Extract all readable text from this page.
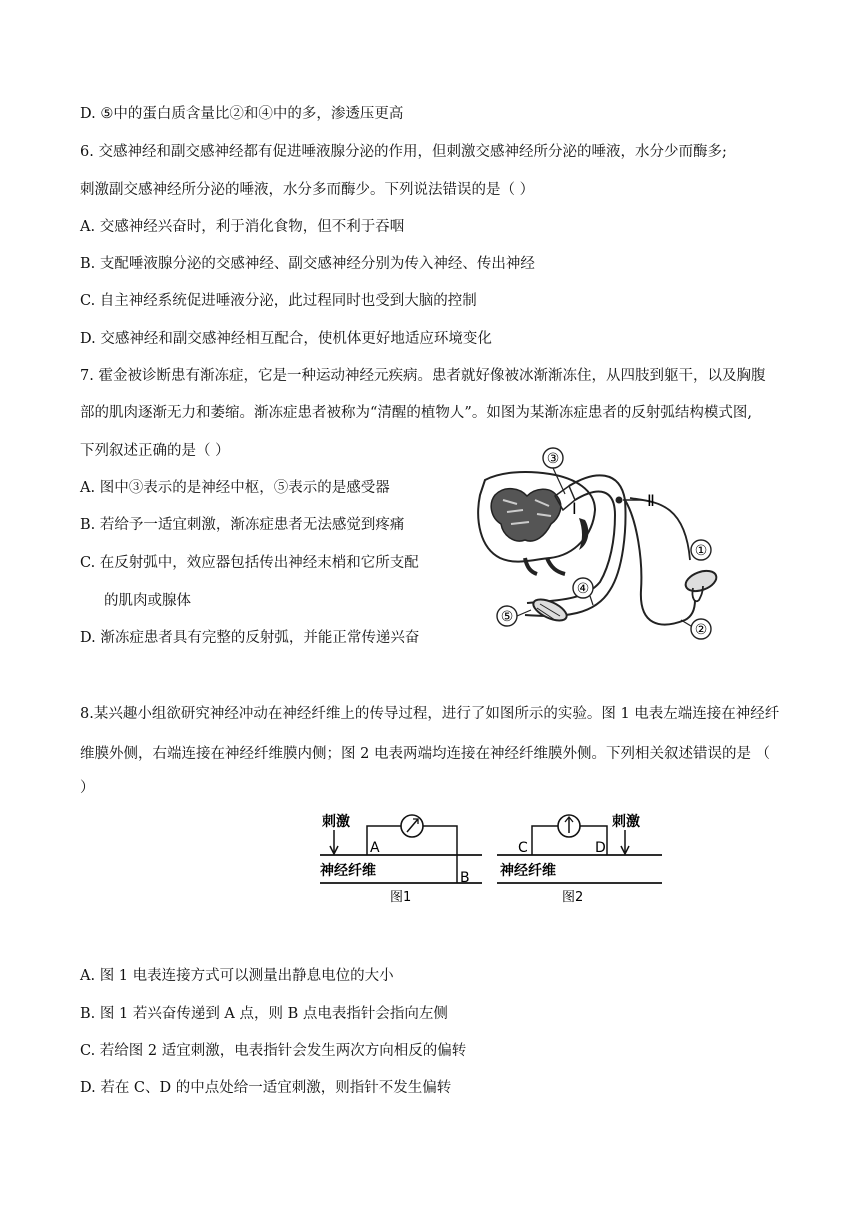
D. ⑤中的蛋白质含量比②和④中的多，渗透压更高
6. 交感神经和副交感神经都有促进唾液腺分泌的作用，但刺激交感神经所分泌的唾液，水分少而酶多;
刺激副交感神经所分泌的唾液，水分多而酶少。下列说法错误的是（ ）
A. 交感神经兴奋时，利于消化食物，但不利于吞咽
B. 支配唾液腺分泌的交感神经、副交感神经分别为传入神经、传出神经
C. 自主神经系统促进唾液分泌，此过程同时也受到大脑的控制
D. 交感神经和副交感神经相互配合，使机体更好地适应环境变化
7. 霍金被诊断患有渐冻症，它是一种运动神经元疾病。患者就好像被冰渐渐冻住，从四肢到躯干，以及胸腹
部的肌肉逐渐无力和萎缩。渐冻症患者被称为“清醒的植物人”。如图为某渐冻症患者的反射弧结构模式图,
下列叙述正确的是（ ）
A. 图中③表示的是神经中枢，⑤表示的是感受器
B. 若给予一适宜刺激，渐冻症患者无法感觉到疼痛
C. 在反射弧中，效应器包括传出神经末梢和它所支配
的肌肉或腺体
D. 渐冻症患者具有完整的反射弧，并能正常传递兴奋
③
I	Ⅱ
①
②
④
⑤
8.某兴趣小组欲研究神经冲动在神经纤维上的传导过程，进行了如图所示的实验。图 1 电表左端连接在神经纤
维膜外侧，右端连接在神经纤维膜内侧；图 2 电表两端均连接在神经纤维膜外侧。下列相关叙述错误的是 （
）
刺激
A
神经纤维	B
图1
C	D
刺激
神经纤维
图2
A. 图 1 电表连接方式可以测量出静息电位的大小
B. 图 1 若兴奋传递到 A 点，则 B 点电表指针会指向左侧
C. 若给图 2 适宜刺激，电表指针会发生两次方向相反的偏转
D. 若在 C、D 的中点处给一适宜刺激，则指针不发生偏转
